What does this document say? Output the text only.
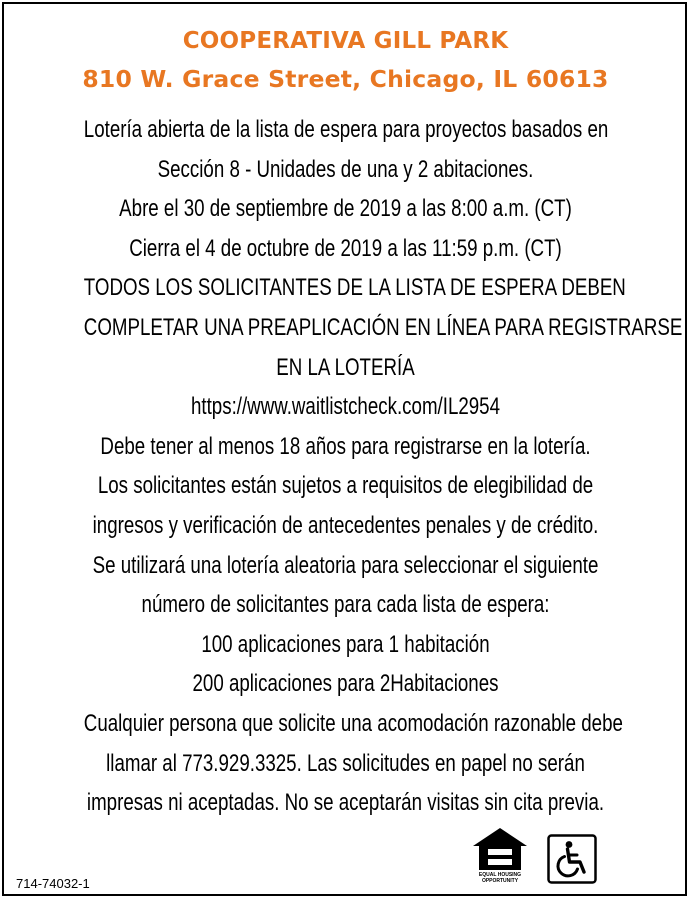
COOPERATIVA GILL PARK
810 W. Grace Street, Chicago, IL 60613
Lotería abierta de la lista de espera para proyectos basados en
Sección 8 - Unidades de una y 2 abitaciones.
Abre el 30 de septiembre de 2019 a las 8:00 a.m. (CT)
Cierra el 4 de octubre de 2019 a las 11:59 p.m. (CT)
TODOS LOS SOLICITANTES DE LA LISTA DE ESPERA DEBEN
COMPLETAR UNA PREAPLICACIÓN EN LÍNEA PARA REGISTRARSE
EN LA LOTERÍA
https://www.waitlistcheck.com/IL2954
Debe tener al menos 18 años para registrarse en la lotería.
Los solicitantes están sujetos a requisitos de elegibilidad de
ingresos y verificación de antecedentes penales y de crédito.
Se utilizará una lotería aleatoria para seleccionar el siguiente
número de solicitantes para cada lista de espera:
100 aplicaciones para 1 habitación
200 aplicaciones para 2Habitaciones
Cualquier persona que solicite una acomodación razonable debe
llamar al 773.929.3325. Las solicitudes en papel no serán
impresas ni aceptadas. No se aceptarán visitas sin cita previa.
714-74032-1
EQUAL HOUSING
OPPORTUNITY
